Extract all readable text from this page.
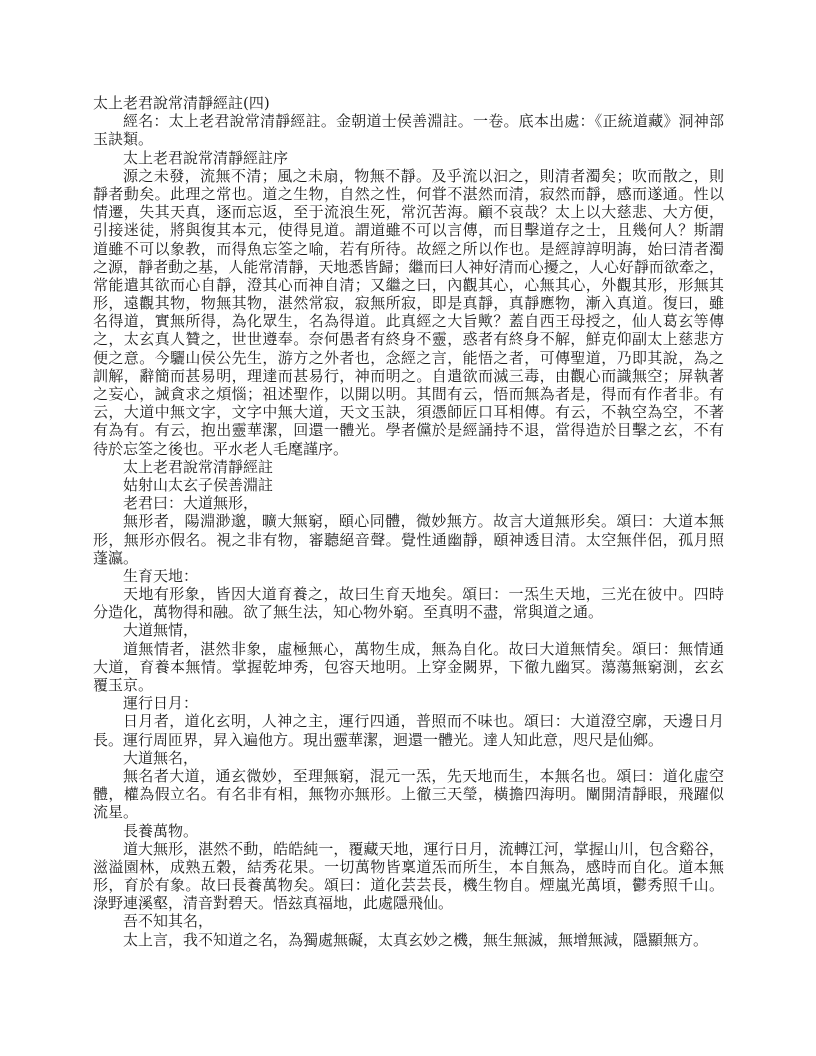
太上老君說常清靜經註(四)
經名：太上老君說常清靜經註。金朝道士侯善淵註。一卷。底本出處：《正統道藏》洞神部
玉訣類。
太上老君說常清靜經註序
源之未發，流無不清；風之未扇，物無不靜。及乎流以汩之，則清者濁矣；吹而散之，則
靜者動矣。此理之常也。道之生物，自然之性，何甞不湛然而清，寂然而靜，感而遂通。性以
情遷，失其天真，逐而忘返，至于流浪生死，常沉苦海。顧不哀哉？太上以大慈悲、大方便，
引接迷徒，將與復其本元，使得見道。謂道雖不可以言傳，而目擊道存之士，且幾何人？斯謂
道雖不可以象教，而得魚忘筌之喻，若有所待。故經之所以作也。是經諄諄明誨，始曰清者濁
之源，靜者動之基，人能常清靜，天地悉皆歸；繼而曰人神好清而心擾之，人心好靜而欲牽之，
常能遣其欲而心自靜，澄其心而神自清；又繼之曰，內觀其心，心無其心，外觀其形，形無其
形，遠觀其物，物無其物，湛然常寂，寂無所寂，即是真靜，真靜應物，漸入真道。復曰，雖
名得道，實無所得，為化眾生，名為得道。此真經之大旨歟？蓋自西王母授之，仙人葛玄等傳
之，太玄真人贊之，世世遵奉。奈何愚者有終身不靈，惑者有終身不解，鮮克仰副太上慈悲方
便之意。今驪山侯公先生，游方之外者也，念經之言，能悟之者，可傳聖道，乃即其說，為之
訓解，辭簡而甚易明，理達而甚易行，神而明之。自遣欲而滅三毒，由觀心而識無空；屏執著
之妄心，誡貪求之煩惱；祖述聖作，以開以明。其間有云，悟而無為者是，得而有作者非。有
云，大道中無文字，文字中無大道，天文玉訣，須憑師匠口耳相傳。有云，不執空為空，不著
有為有。有云，抱出靈華潔，回還一體光。學者儻於是經誦持不退，當得造於目擊之玄，不有
待於忘筌之後也。平水老人毛麾謹序。
太上老君說常清靜經註
姑射山太玄子侯善淵註
老君曰：大道無形，
無形者，陽淵渺邈，曠大無窮，頤心同體，微妙無方。故言大道無形矣。頌曰：大道本無
形，無形亦假名。視之非有物，審聽絕音聲。覺性通幽靜，頤神透目清。太空無伴侶，孤月照
蓬瀛。
生育天地：
天地有形象，皆因大道育養之，故曰生育天地矣。頌曰：一炁生天地，三光在彼中。四時
分造化，萬物得和融。欲了無生法，知心物外窮。至真明不盡，常與道之通。
大道無情，
道無情者，湛然非象，虛極無心，萬物生成，無為自化。故曰大道無情矣。頌曰：無情通
大道，育養本無情。掌握乾坤秀，包容天地明。上穿金闕界，下徹九幽冥。蕩蕩無窮測，玄玄
覆玉京。
運行日月：
日月者，道化玄明，人神之主，運行四通，普照而不味也。頌曰：大道澄空廓，天邊日月
長。運行周匝界，昇入遍他方。現出靈華潔，迴還一體光。達人知此意，咫尺是仙鄉。
大道無名，
無名者大道，通玄微妙，至理無窮，混元一炁，先天地而生，本無名也。頌曰：道化虛空
體，權為假立名。有名非有相，無物亦無形。上徹三天瑩，橫擔四海明。闡開清靜眼，飛躍似
流星。
長養萬物。
道大無形，湛然不動，皓皓純一，覆藏天地，運行日月，流轉江河，掌握山川，包含谿谷，
滋溢園林，成熟五穀，結秀花果。一切萬物皆稟道炁而所生，本自無為，感時而自化。道本無
形，育於有象。故曰長養萬物矣。頌曰：道化芸芸長，機生物自。煙嵐光萬頃，鬱秀照千山。
淥野連溪壑，清音對碧天。悟玆真福地，此處隱飛仙。
吾不知其名，
太上言，我不知道之名，為獨處無礙，太真玄妙之機，無生無滅，無增無減，隱顯無方。
